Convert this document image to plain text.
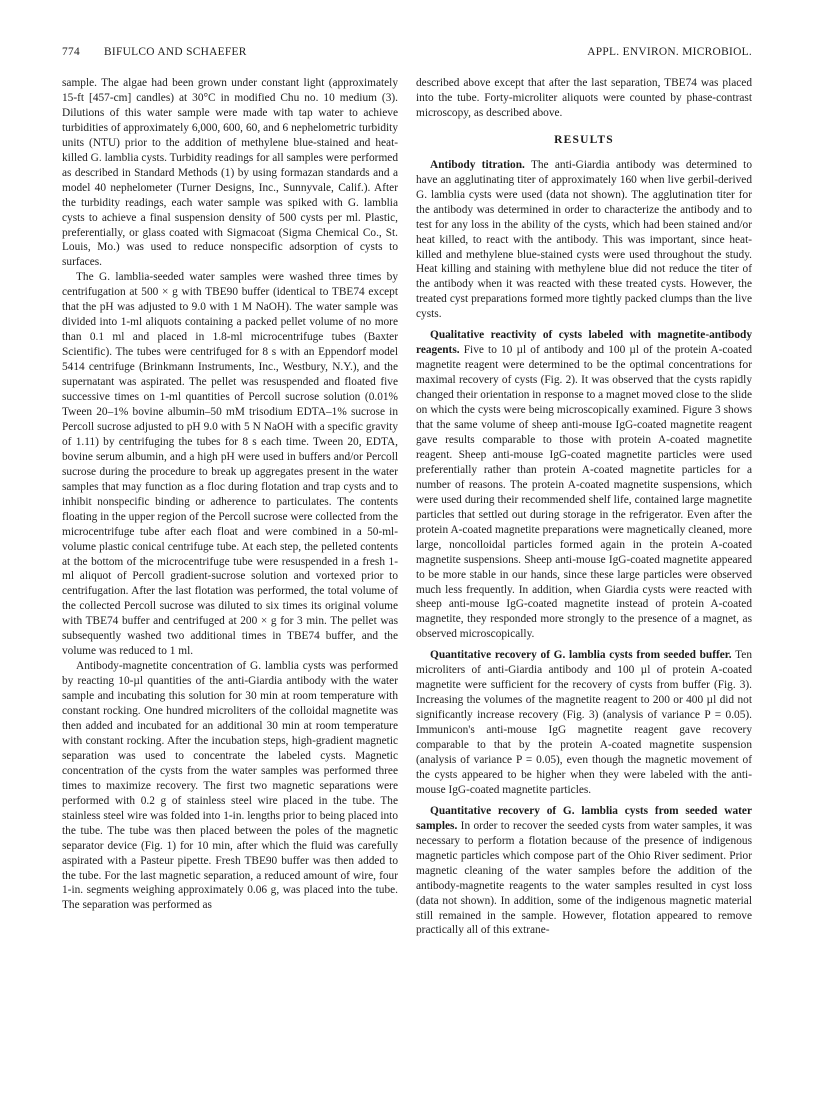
774 BIFULCO AND SCHAEFER	APPL. ENVIRON. MICROBIOL.

sample. The algae had been grown under constant light (approximately 15-ft [457-cm] candles) at 30°C in modified Chu no. 10 medium (3). Dilutions of this water sample were made with tap water to achieve turbidities of approximately 6,000, 600, 60, and 6 nephelometric turbidity units (NTU) prior to the addition of methylene blue-stained and heat-killed G. lamblia cysts. Turbidity readings for all samples were performed as described in Standard Methods (1) by using formazan standards and a model 40 nephelometer (Turner Designs, Inc., Sunnyvale, Calif.). After the turbidity readings, each water sample was spiked with G. lamblia cysts to achieve a final suspension density of 500 cysts per ml. Plastic, preferentially, or glass coated with Sigmacoat (Sigma Chemical Co., St. Louis, Mo.) was used to reduce nonspecific adsorption of cysts to surfaces.

The G. lamblia-seeded water samples were washed three times by centrifugation at 500 × g with TBE90 buffer (identical to TBE74 except that the pH was adjusted to 9.0 with 1 M NaOH). The water sample was divided into 1-ml aliquots containing a packed pellet volume of no more than 0.1 ml and placed in 1.8-ml microcentrifuge tubes (Baxter Scientific). The tubes were centrifuged for 8 s with an Eppendorf model 5414 centrifuge (Brinkmann Instruments, Inc., Westbury, N.Y.), and the supernatant was aspirated. The pellet was resuspended and floated five successive times on 1-ml quantities of Percoll sucrose solution (0.01% Tween 20–1% bovine albumin–50 mM trisodium EDTA–1% sucrose in Percoll sucrose adjusted to pH 9.0 with 5 N NaOH with a specific gravity of 1.11) by centrifuging the tubes for 8 s each time. Tween 20, EDTA, bovine serum albumin, and a high pH were used in buffers and/or Percoll sucrose during the procedure to break up aggregates present in the water samples that may function as a floc during flotation and trap cysts and to inhibit nonspecific binding or adherence to particulates. The contents floating in the upper region of the Percoll sucrose were collected from the microcentrifuge tube after each float and were combined in a 50-ml-volume plastic conical centrifuge tube. At each step, the pelleted contents at the bottom of the microcentrifuge tube were resuspended in a fresh 1-ml aliquot of Percoll gradient-sucrose solution and vortexed prior to centrifugation. After the last flotation was performed, the total volume of the collected Percoll sucrose was diluted to six times its original volume with TBE74 buffer and centrifuged at 200 × g for 3 min. The pellet was subsequently washed two additional times in TBE74 buffer, and the volume was reduced to 1 ml.

Antibody-magnetite concentration of G. lamblia cysts was performed by reacting 10-µl quantities of the anti-Giardia antibody with the water sample and incubating this solution for 30 min at room temperature with constant rocking. One hundred microliters of the colloidal magnetite was then added and incubated for an additional 30 min at room temperature with constant rocking. After the incubation steps, high-gradient magnetic separation was used to concentrate the labeled cysts. Magnetic concentration of the cysts from the water samples was performed three times to maximize recovery. The first two magnetic separations were performed with 0.2 g of stainless steel wire placed in the tube. The stainless steel wire was folded into 1-in. lengths prior to being placed into the tube. The tube was then placed between the poles of the magnetic separator device (Fig. 1) for 10 min, after which the fluid was carefully aspirated with a Pasteur pipette. Fresh TBE90 buffer was then added to the tube. For the last magnetic separation, a reduced amount of wire, four 1-in. segments weighing approximately 0.06 g, was placed into the tube. The separation was performed as

described above except that after the last separation, TBE74 was placed into the tube. Forty-microliter aliquots were counted by phase-contrast microscopy, as described above.

RESULTS

Antibody titration. The anti-Giardia antibody was determined to have an agglutinating titer of approximately 160 when live gerbil-derived G. lamblia cysts were used (data not shown). The agglutination titer for the antibody was determined in order to characterize the antibody and to test for any loss in the ability of the cysts, which had been stained and/or heat killed, to react with the antibody. This was important, since heat-killed and methylene blue-stained cysts were used throughout the study. Heat killing and staining with methylene blue did not reduce the titer of the antibody when it was reacted with these treated cysts. However, the treated cyst preparations formed more tightly packed clumps than the live cysts.

Qualitative reactivity of cysts labeled with magnetite-antibody reagents. Five to 10 µl of antibody and 100 µl of the protein A-coated magnetite reagent were determined to be the optimal concentrations for maximal recovery of cysts (Fig. 2). It was observed that the cysts rapidly changed their orientation in response to a magnet moved close to the slide on which the cysts were being microscopically examined. Figure 3 shows that the same volume of sheep anti-mouse IgG-coated magnetite reagent gave results comparable to those with protein A-coated magnetite reagent. Sheep anti-mouse IgG-coated magnetite particles were used preferentially rather than protein A-coated magnetite particles for a number of reasons. The protein A-coated magnetite suspensions, which were used during their recommended shelf life, contained large magnetite particles that settled out during storage in the refrigerator. Even after the protein A-coated magnetite preparations were magnetically cleaned, more large, noncolloidal particles formed again in the protein A-coated magnetite suspensions. Sheep anti-mouse IgG-coated magnetite appeared to be more stable in our hands, since these large particles were observed much less frequently. In addition, when Giardia cysts were reacted with sheep anti-mouse IgG-coated magnetite instead of protein A-coated magnetite, they responded more strongly to the presence of a magnet, as observed microscopically.

Quantitative recovery of G. lamblia cysts from seeded buffer. Ten microliters of anti-Giardia antibody and 100 µl of protein A-coated magnetite were sufficient for the recovery of cysts from buffer (Fig. 3). Increasing the volumes of the magnetite reagent to 200 or 400 µl did not significantly increase recovery (Fig. 3) (analysis of variance P = 0.05). Immunicon's anti-mouse IgG magnetite reagent gave recovery comparable to that by the protein A-coated magnetite suspension (analysis of variance P = 0.05), even though the magnetic movement of the cysts appeared to be higher when they were labeled with the anti-mouse IgG-coated magnetite particles.

Quantitative recovery of G. lamblia cysts from seeded water samples. In order to recover the seeded cysts from water samples, it was necessary to perform a flotation because of the presence of indigenous magnetic particles which compose part of the Ohio River sediment. Prior magnetic cleaning of the water samples before the addition of the antibody-magnetite reagents to the water samples resulted in cyst loss (data not shown). In addition, some of the indigenous magnetic material still remained in the sample. However, flotation appeared to remove practically all of this extrane-
